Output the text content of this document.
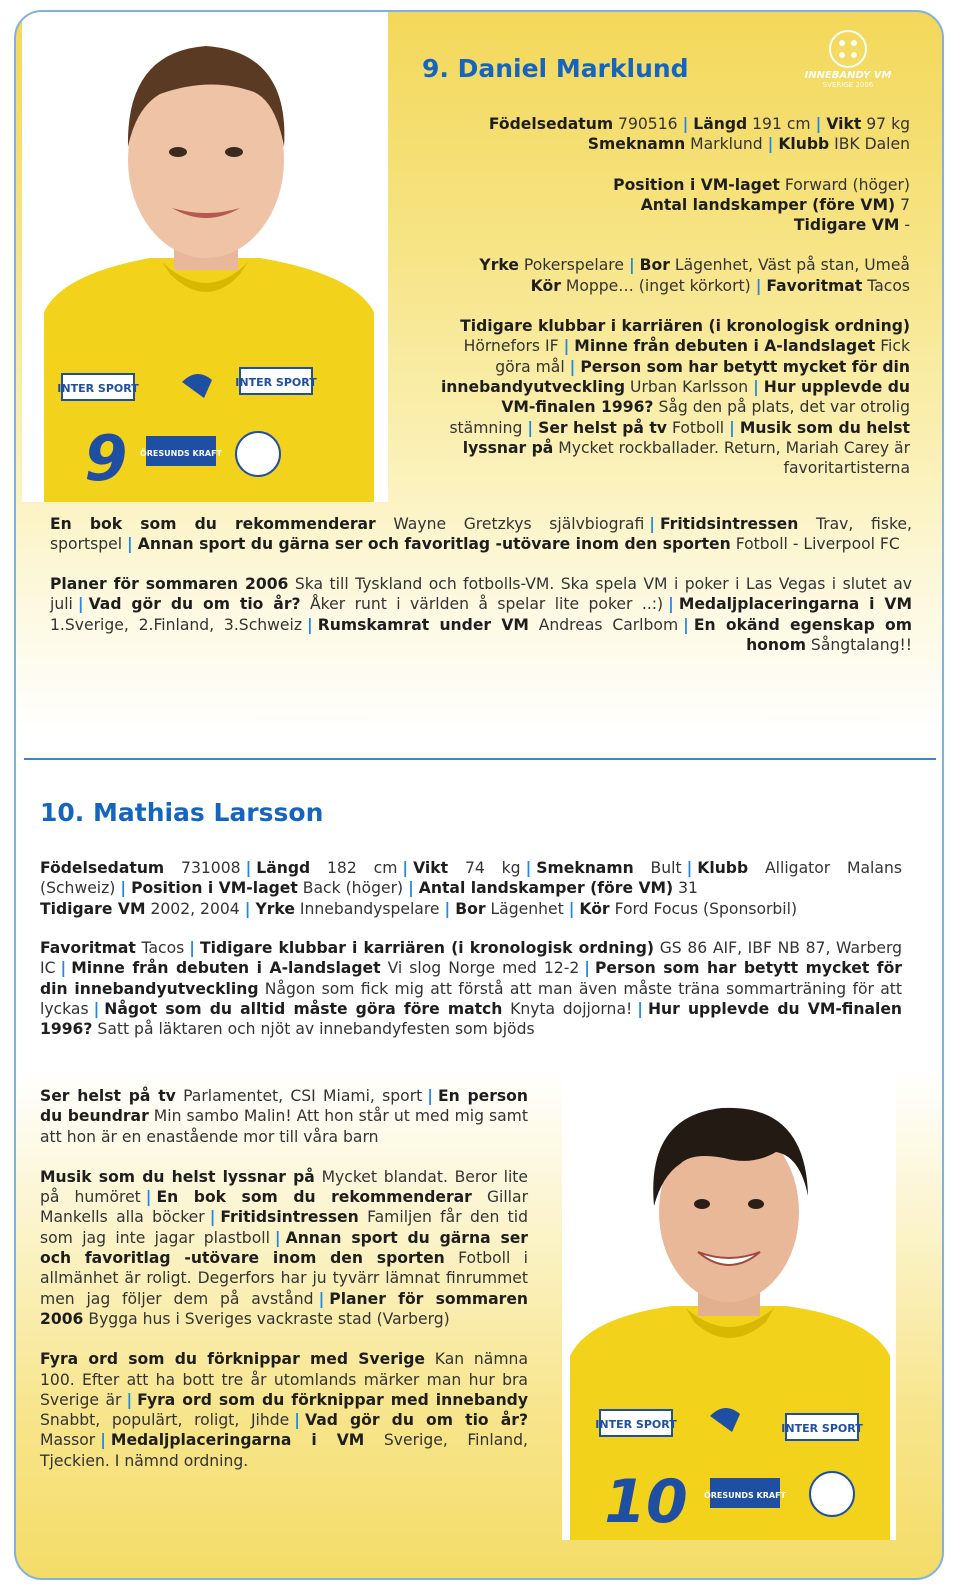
INNEBANDY VM
SVERIGE 2006
INTER SPORT	INTER SPORT
9 ÖRESUNDS KRAFT
9. Daniel Marklund
Födelsedatum 790516 | Längd 191 cm | Vikt 97 kg
Smeknamn Marklund | Klubb IBK Dalen
Position i VM-laget Forward (höger)
Antal landskamper (före VM) 7
Tidigare VM -
Yrke Pokerspelare | Bor Lägenhet, Väst på stan, Umeå
Kör Moppe… (inget körkort) | Favoritmat Tacos
Tidigare klubbar i karriären (i kronologisk ordning) Hörnefors IF | Minne från debuten i A-landslaget Fick göra mål | Person som har betytt mycket för din innebandyutveckling Urban Karlsson | Hur upplevde du VM-finalen 1996? Såg den på plats, det var otrolig stämning | Ser helst på tv Fotboll | Musik som du helst lyssnar på Mycket rockballader. Return, Mariah Carey är favoritartisterna
En bok som du rekommenderar Wayne Gretzkys självbiografi | Fritidsintressen Trav, fiske, sportspel | Annan sport du gärna ser och favoritlag -utövare inom den sporten Fotboll - Liverpool FC
Planer för sommaren 2006 Ska till Tyskland och fotbolls-VM. Ska spela VM i poker i Las Vegas i slutet av juli | Vad gör du om tio år? Åker runt i världen å spelar lite poker ..:) | Medaljplaceringarna i VM 1.Sverige, 2.Finland, 3.Schweiz | Rumskamrat under VM Andreas Carlbom | En okänd egenskap om honom Sångtalang!!
10. Mathias Larsson
Födelsedatum 731008 | Längd 182 cm | Vikt 74 kg | Smeknamn Bult | Klubb Alligator Malans (Schweiz) | Position i VM-laget Back (höger) | Antal landskamper (före VM) 31
Tidigare VM 2002, 2004 | Yrke Innebandyspelare | Bor Lägenhet | Kör Ford Focus (Sponsorbil)
Favoritmat Tacos | Tidigare klubbar i karriären (i kronologisk ordning) GS 86 AIF, IBF NB 87, Warberg IC | Minne från debuten i A-landslaget Vi slog Norge med 12-2 | Person som har betytt mycket för din innebandyutveckling Någon som fick mig att förstå att man även måste träna sommarträning för att lyckas | Något som du alltid måste göra före match Knyta dojjorna! | Hur upplevde du VM-finalen 1996? Satt på läktaren och njöt av innebandyfesten som bjöds
Ser helst på tv Parlamentet, CSI Miami, sport | En person du beundrar Min sambo Malin! Att hon står ut med mig samt att hon är en enastående mor till våra barn
Musik som du helst lyssnar på Mycket blandat. Beror lite på humöret | En bok som du rekommenderar Gillar Mankells alla böcker | Fritidsintressen Familjen får den tid som jag inte jagar plastboll | Annan sport du gärna ser och favoritlag -utövare inom den sporten Fotboll i allmänhet är roligt. Degerfors har ju tyvärr lämnat finrummet men jag följer dem på avstånd | Planer för sommaren 2006 Bygga hus i Sveriges vackraste stad (Varberg)
Fyra ord som du förknippar med Sverige Kan nämna 100. Efter att ha bott tre år utomlands märker man hur bra Sverige är | Fyra ord som du förknippar med innebandy Snabbt, populärt, roligt, Jihde | Vad gör du om tio år? Massor | Medaljplaceringarna i VM Sverige, Finland, Tjeckien. I nämnd ordning.
INTER SPORT	INTER SPORT
10 ÖRESUNDS KRAFT
